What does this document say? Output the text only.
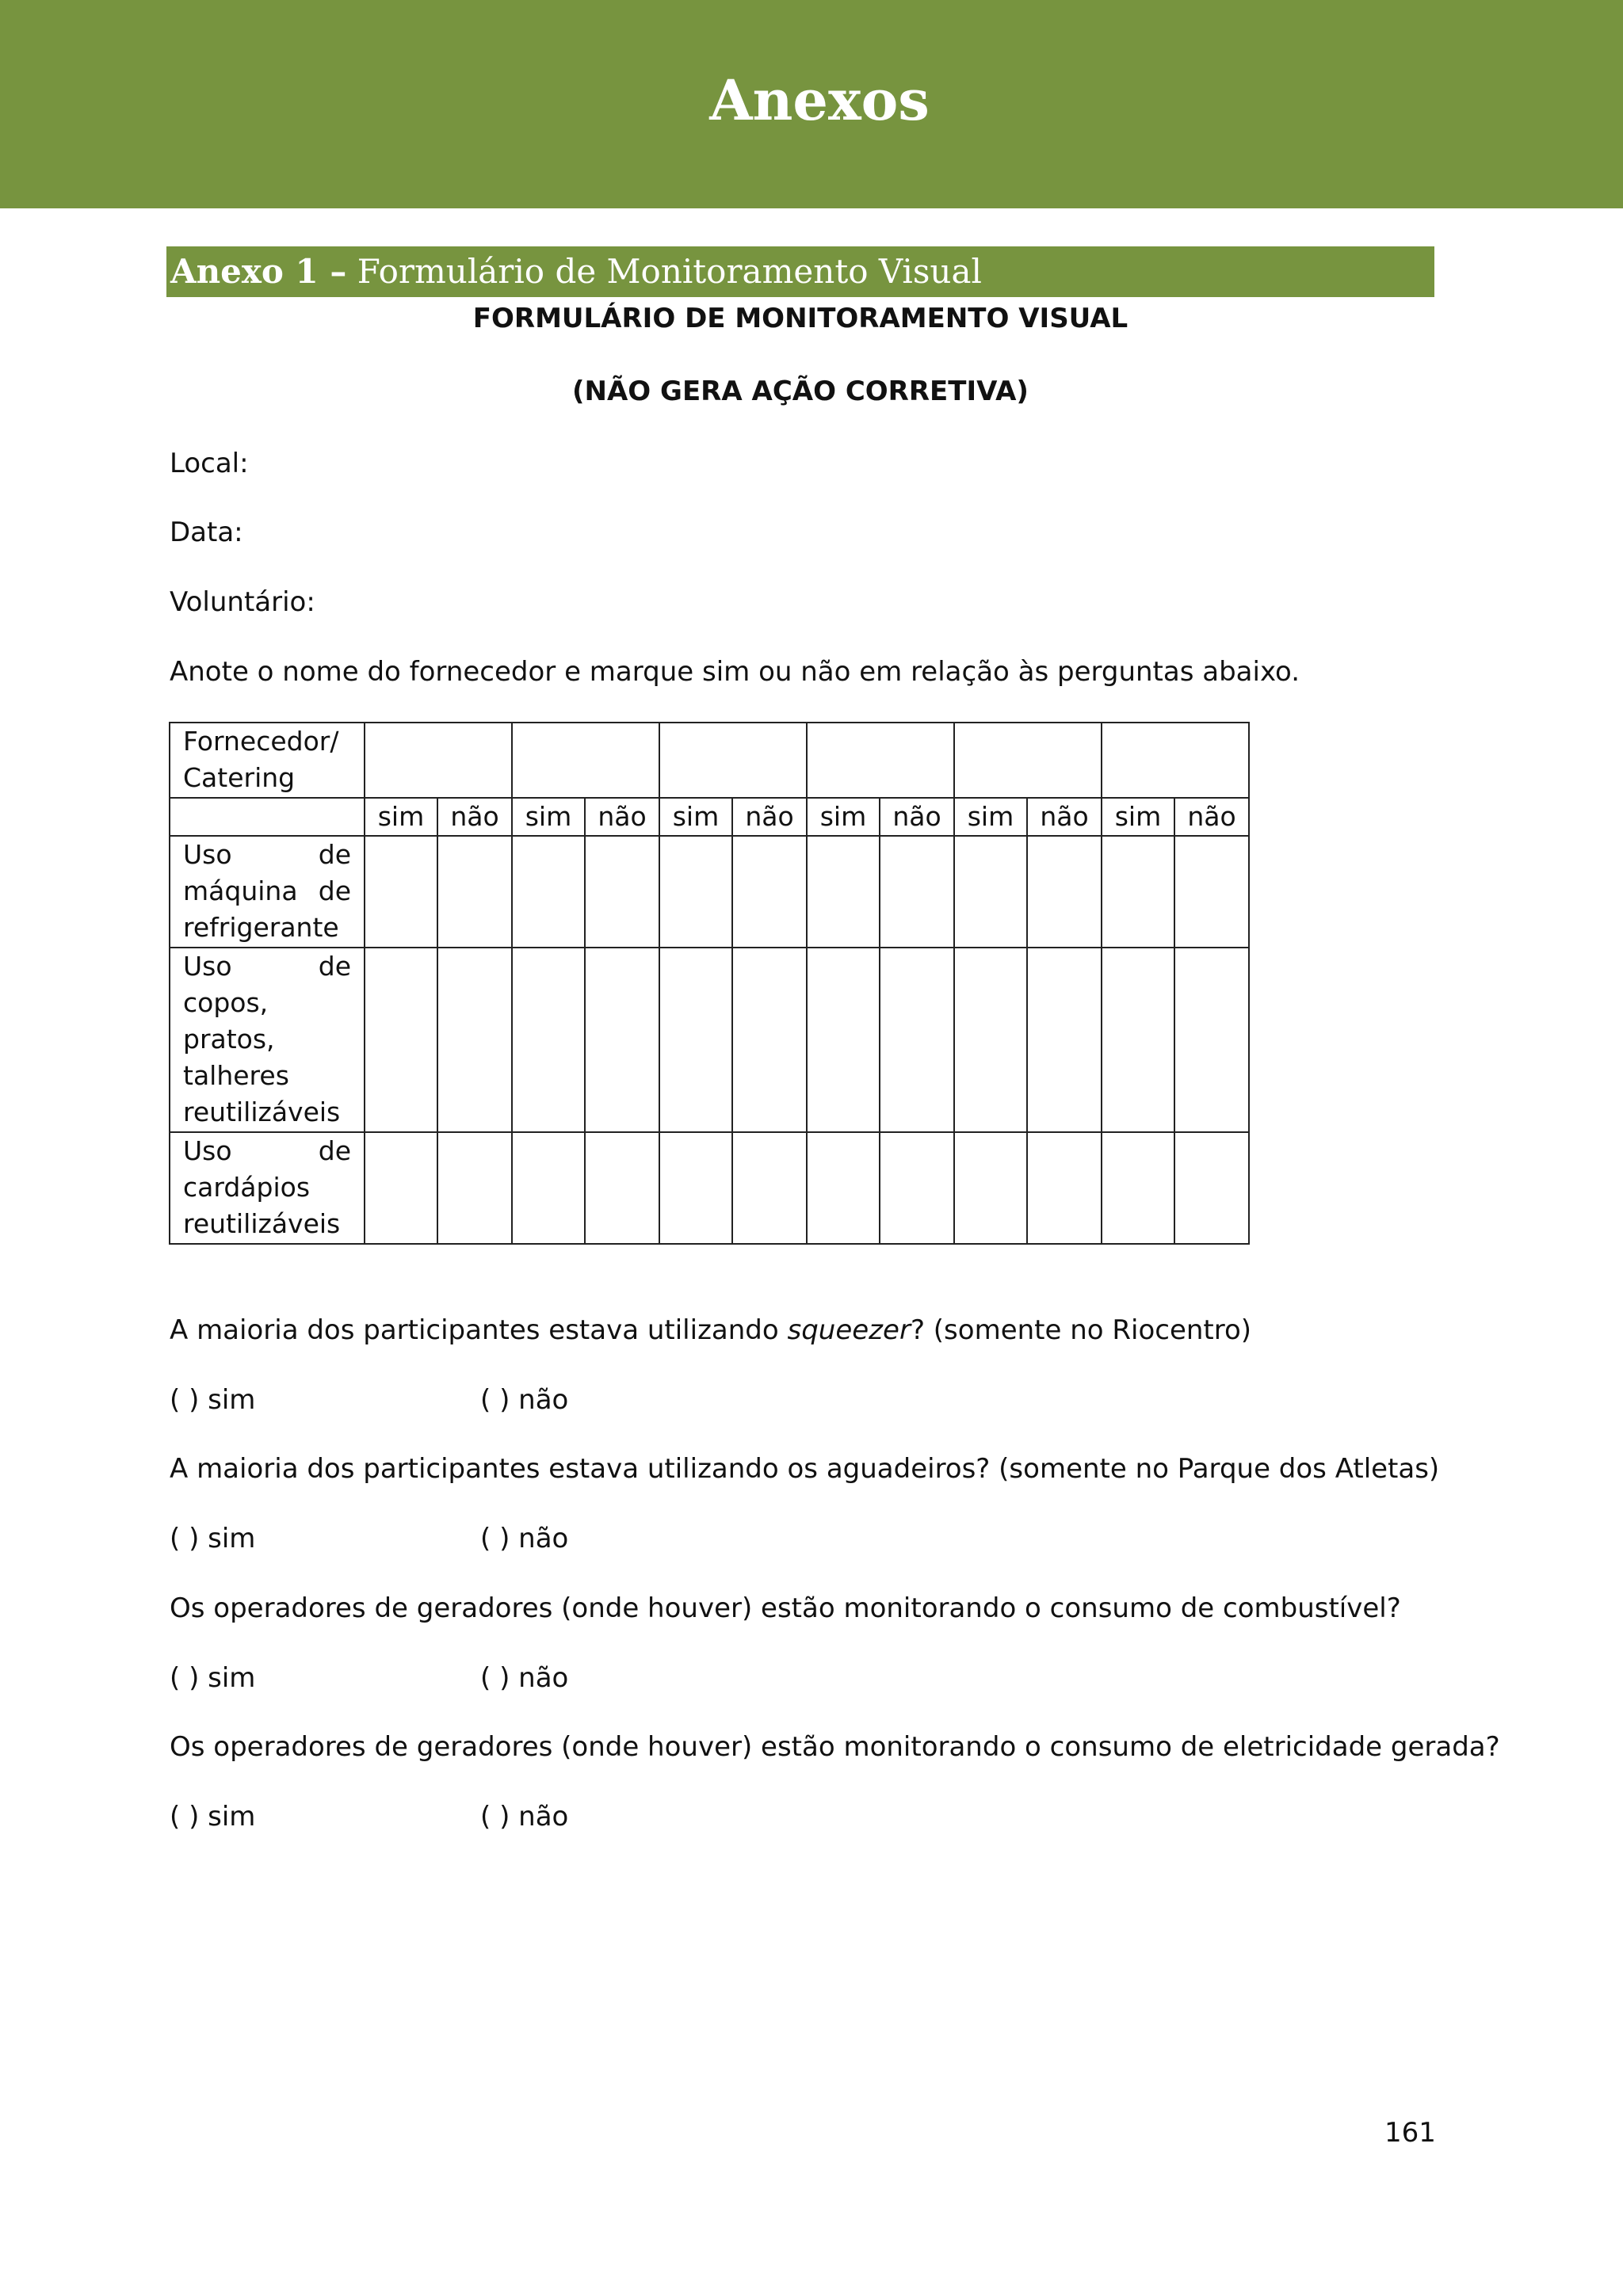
Anexos
Anexo 1 – Formulário de Monitoramento Visual
FORMULÁRIO DE MONITORAMENTO VISUAL
(NÃO GERA AÇÃO CORRETIVA)
Local:
Data:
Voluntário:
Anote o nome do fornecedor e marque sim ou não em relação às perguntas abaixo.
Fornecedor/ Catering												
	sim	não	sim	não	sim	não	sim	não	sim	não	sim	não
Uso de máquina de refrigerante												
Uso de copos, pratos, talheres reutilizáveis												
Uso de cardápios reutilizáveis												
A maioria dos participantes estava utilizando squeezer? (somente no Riocentro)
( ) sim	( ) não
A maioria dos participantes estava utilizando os aguadeiros? (somente no Parque dos Atletas)
( ) sim	( ) não
Os operadores de geradores (onde houver) estão monitorando o consumo de combustível?
( ) sim	( ) não
Os operadores de geradores (onde houver) estão monitorando o consumo de eletricidade gerada?
( ) sim	( ) não
161
